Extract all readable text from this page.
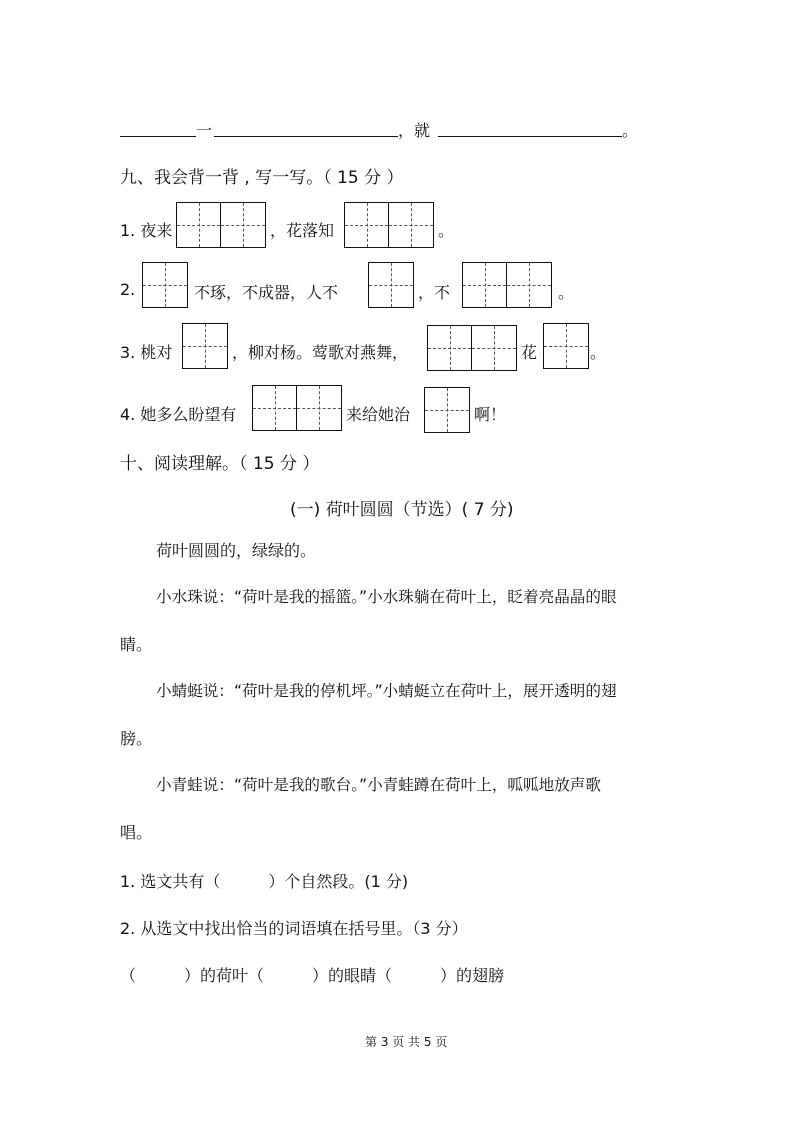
一	，就	。
九、我会背一背 , 写一写。（ 15 分 ）
1. 夜来	，花落知	。
2.	不琢，不成器，人不	，不	。
3. 桃对	，柳对杨。莺歌对燕舞，	花	。
4. 她多么盼望有	来给她治	啊！
十、阅读理解。（ 15 分 ）
(一) 荷叶圆圆（节选）( 7 分)
荷叶圆圆的，绿绿的。
小水珠说：“荷叶是我的摇篮。”小水珠躺在荷叶上，眨着亮晶晶的眼
睛。
小蜻蜓说：“荷叶是我的停机坪。”小蜻蜓立在荷叶上，展开透明的翅
膀。
小青蛙说：“荷叶是我的歌台。”小青蛙蹲在荷叶上，呱呱地放声歌
唱。
1. 选文共有（　　　）个自然段。(1 分)
2. 从选文中找出恰当的词语填在括号里。（3 分）
（　　　）的荷叶（　　　）的眼睛（　　　）的翅膀
第 3 页 共 5 页
